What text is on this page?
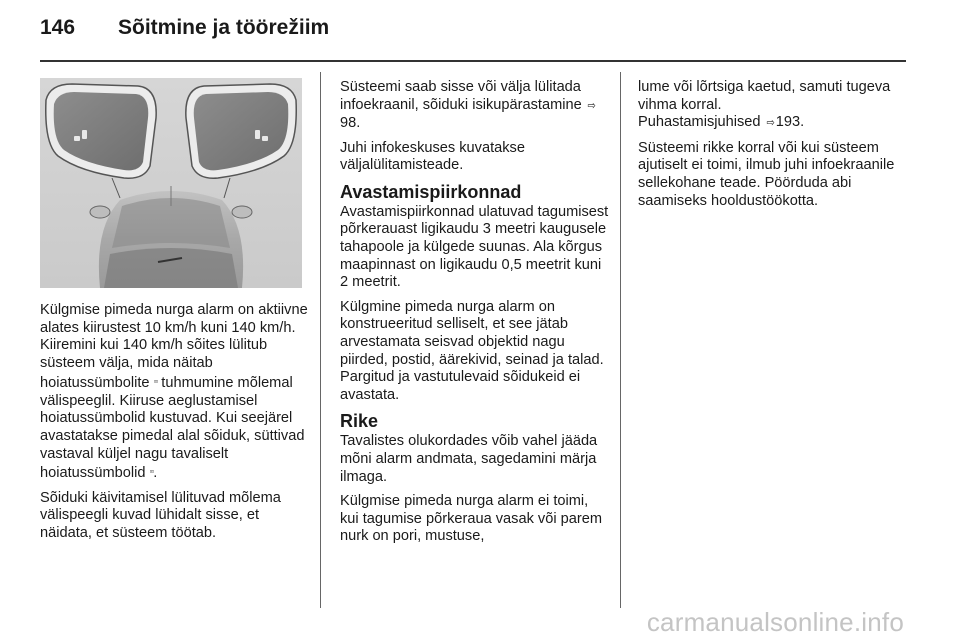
146 Sõitmine ja töörežiim

Külgmise pimeda nurga alarm on aktiivne alates kiirustest 10 km/h kuni 140 km/h. Kiiremini kui 140 km/h sõites lülitub süsteem välja, mida näitab hoiatussümbolite ▫▫ tuhmumine mõlemal välispeeglil. Kiiruse aeglustamisel hoiatussümbolid kustuvad. Kui seejärel avastatakse pimedal alal sõiduk, süttivad vastaval küljel nagu tavaliselt hoiatussümbolid ▫▫.

Sõiduki käivitamisel lülituvad mõlema välispeegli kuvad lühidalt sisse, et näidata, et süsteem töötab.

Süsteemi saab sisse või välja lülitada infoekraanil, sõiduki isikupärastamine ⇨98.

Juhi infokeskuses kuvatakse väljalülitamisteade.

Avastamispiirkonnad

Avastamispiirkonnad ulatuvad tagumisest põrkerauast ligikaudu 3 meetri kaugusele tahapoole ja külgede suunas. Ala kõrgus maapinnast on ligikaudu 0,5 meetrit kuni 2 meetrit.

Külgmine pimeda nurga alarm on konstrueeritud selliselt, et see jätab arvestamata seisvad objektid nagu piirded, postid, äärekivid, seinad ja talad. Pargitud ja vastutulevaid sõidukeid ei avastata.

Rike

Tavalistes olukordades võib vahel jääda mõni alarm andmata, sagedamini märja ilmaga.

Külgmise pimeda nurga alarm ei toimi, kui tagumise põrkeraua vasak või parem nurk on pori, mustuse,

lume või lõrtsiga kaetud, samuti tugeva vihma korral.
Puhastamisjuhised ⇨193.

Süsteemi rikke korral või kui süsteem ajutiselt ei toimi, ilmub juhi infoekraanile sellekohane teade. Pöörduda abi saamiseks hooldustöökotta.

carmanualsonline.info
